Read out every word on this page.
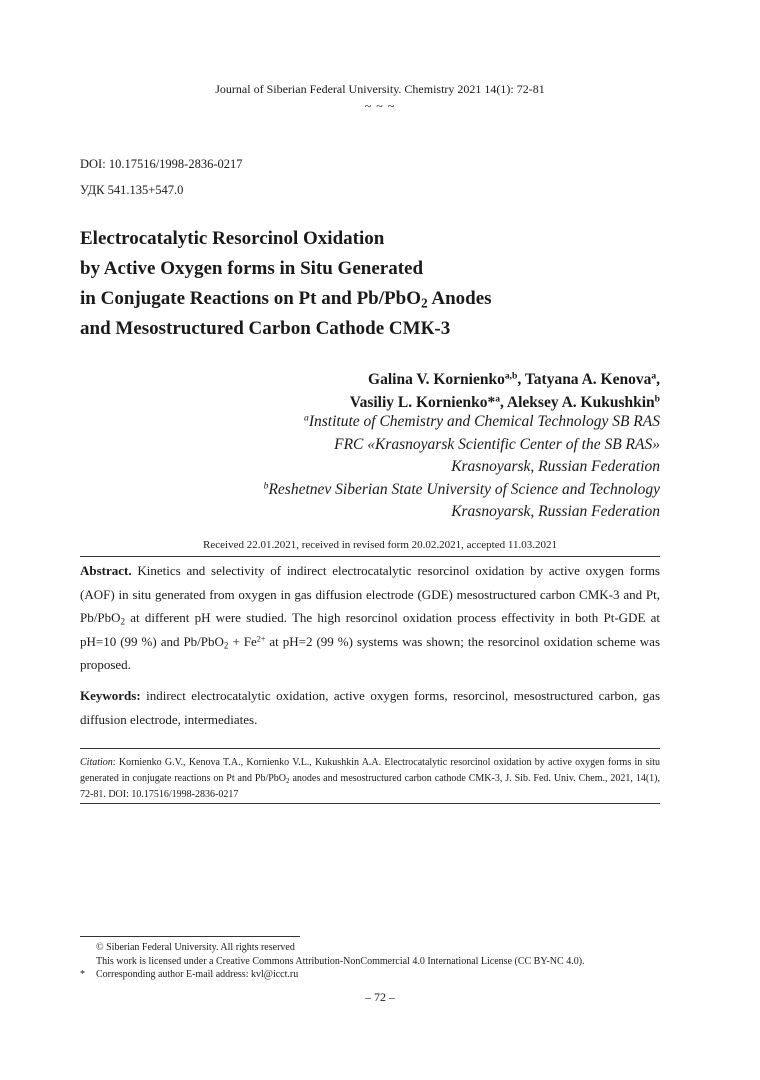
Journal of Siberian Federal University. Chemistry 2021 14(1): 72-81
~ ~ ~
DOI: 10.17516/1998-2836-0217
УДК 541.135+547.0
Electrocatalytic Resorcinol Oxidation
by Active Oxygen forms in Situ Generated
in Conjugate Reactions on Pt and Pb/PbO$_2$ Anodes
and Mesostructured Carbon Cathode СМК-3
Galina V. Kornienko$^{a,b}$, Tatyana A. Kenova$^a$,
Vasiliy L. Kornienko*$^a$, Aleksey A. Kukushkin$^b$
$^a$Institute of Chemistry and Chemical Technology SB RAS
FRC «Krasnoyarsk Scientific Center of the SB RAS»
Krasnoyarsk, Russian Federation
$^b$Reshetnev Siberian State University of Science and Technology
Krasnoyarsk, Russian Federation
Received 22.01.2021, received in revised form 20.02.2021, accepted 11.03.2021

Abstract. Kinetics and selectivity of indirect electrocatalytic resorcinol oxidation by active oxygen forms (AOF) in situ generated from oxygen in gas diffusion electrode (GDE) mesostructured carbon CMK-3 and Pt, Pb/PbO$_2$ at different pH were studied. The high resorcinol oxidation process effectivity in both Pt-GDE at pH=10 (99 %) and $Pb/PbO_2 + Fe^{2+}$ at pH=2 (99 %) systems was shown; the resorcinol oxidation scheme was proposed.

Keywords: indirect electrocatalytic oxidation, active oxygen forms, resorcinol, mesostructured carbon, gas diffusion electrode, intermediates.

Citation: Kornienko G.V., Kenova T.A., Kornienko V.L., Kukushkin A.A. Electrocatalytic resorcinol oxidation by active oxygen forms in situ generated in conjugate reactions on Pt and Pb/PbO$_2$ anodes and mesostructured carbon cathode CMK-3, J. Sib. Fed. Univ. Chem., 2021, 14(1), 72-81. DOI: 10.17516/1998-2836-0217

© Siberian Federal University. All rights reserved
This work is licensed under a Creative Commons Attribution-NonCommercial 4.0 International License (CC BY-NC 4.0).
* Corresponding author E-mail address: kvl@icct.ru
– 72 –
